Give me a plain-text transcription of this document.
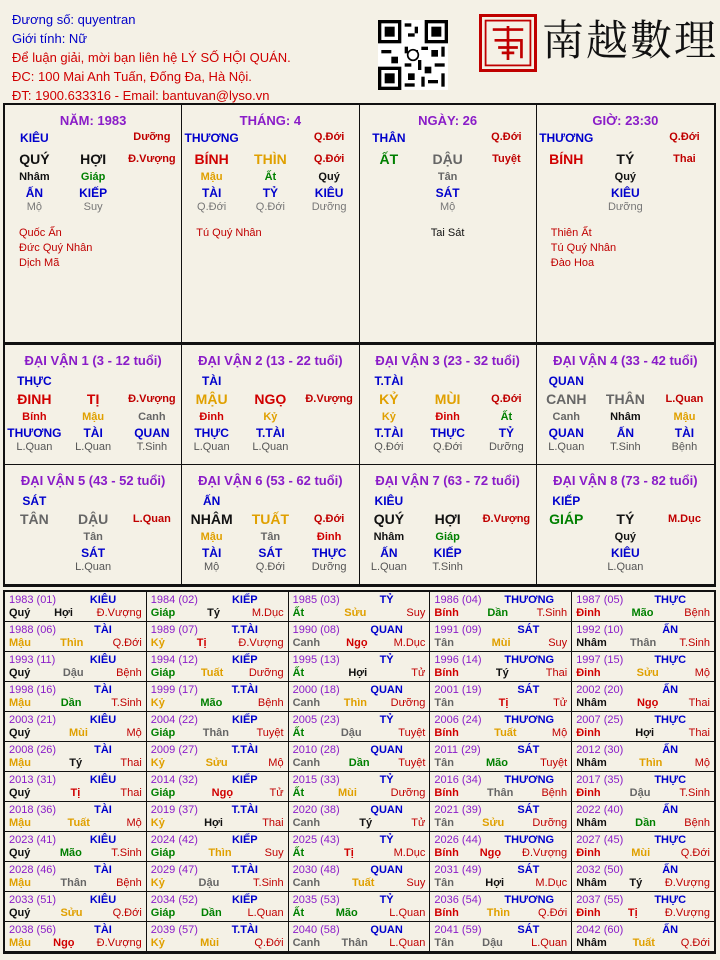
Đương số: quyentran
Giới tính: Nữ
Để luận giải, mời bạn liên hệ LÝ SỐ HỘI QUÁN.
ĐC: 100 Mai Anh Tuấn, Đống Đa, Hà Nội.
ĐT: 1900.633316 - Email: bantuvan@lyso.vn
南越數理
NĂM: 1983
KIÊU	Dưỡng
QUÝ	HỢI	Đ.Vượng
Nhâm	Giáp
ẤN	KIẾP
Mộ	Suy
Quốc Ấn
Đức Quý Nhân
Dịch Mã
THÁNG: 4
THƯƠNG	Q.Đới
BÍNH	THÌN	Q.Đới
Mậu	Ất	Quý
TÀI	TỶ	KIÊU
Q.Đới	Q.Đới	Dưỡng
Tú Quý Nhân
NGÀY: 26
THÂN	Q.Đới
ẤT	DẬU	Tuyệt
Tân
SÁT
Mộ
Tai Sát
GIỜ: 23:30
THƯƠNG	Q.Đới
BÍNH	TÝ	Thai
Quý
KIÊU
Dưỡng
Thiên Ất
Tú Quý Nhân
Đào Hoa
ĐẠI VẬN 1 (3 - 12 tuổi)
THỰC
ĐINH	TỊ	Đ.Vượng
Bính	Mậu	Canh
THƯƠNG	TÀI	QUAN
L.Quan	L.Quan	T.Sinh
ĐẠI VẬN 2 (13 - 22 tuổi)
TÀI
MẬU	NGỌ	Đ.Vượng
Đinh	Kỷ
THỰC	T.TÀI
L.Quan	L.Quan
ĐẠI VẬN 3 (23 - 32 tuổi)
T.TÀI
KỶ	MÙI	Q.Đới
Kỷ	Đinh	Ất
T.TÀI	THỰC	TỶ
Q.Đới	Q.Đới	Dưỡng
ĐẠI VẬN 4 (33 - 42 tuổi)
QUAN
CANH	THÂN	L.Quan
Canh	Nhâm	Mậu
QUAN	ẤN	TÀI
L.Quan	T.Sinh	Bệnh
ĐẠI VẬN 5 (43 - 52 tuổi)
SÁT
TÂN	DẬU	L.Quan
Tân
SÁT
L.Quan
ĐẠI VẬN 6 (53 - 62 tuổi)
ẤN
NHÂM	TUẤT	Q.Đới
Mậu	Tân	Đinh
TÀI	SÁT	THỰC
Mộ	Q.Đới	Dưỡng
ĐẠI VẬN 7 (63 - 72 tuổi)
KIÊU
QUÝ	HỢI	Đ.Vượng
Nhâm	Giáp
ẤN	KIẾP
L.Quan	T.Sinh
ĐẠI VẬN 8 (73 - 82 tuổi)
KIẾP
GIÁP	TÝ	M.Dục
Quý
KIÊU
L.Quan
1983 (01)	KIÊU
Quý Hợi Đ.Vượng
1984 (02)	KIẾP
Giáp	Tý	M.Dục
1985 (03)	TỶ
Ất	Sửu	Suy
1986 (04) THƯƠNG
Bính	Dần	T.Sinh
1987 (05)	THỰC
Đinh	Mão	Bệnh
1988 (06)	TÀI
Mậu	Thìn	Q.Đới
1989 (07)	T.TÀI
Kỷ	Tị	Đ.Vượng
1990 (08)	QUAN
Canh Ngọ M.Dục
1991 (09)	SÁT
Tân	Mùi	Suy
1992 (10)	ẤN
Nhâm Thân T.Sinh
1993 (11)	KIÊU
Quý	Dậu	Bệnh
1994 (12)	KIẾP
Giáp Tuất Dưỡng
1995 (13)	TỶ
Ất	Hợi	Tử
1996 (14) THƯƠNG
Bính	Tý	Thai
1997 (15)	THỰC
Đinh	Sửu	Mộ
1998 (16)	TÀI
Mậu	Dần	T.Sinh
1999 (17)	T.TÀI
Kỷ	Mão	Bệnh
2000 (18)	QUAN
Canh Thìn Dưỡng
2001 (19)	SÁT
Tân	Tị	Tử
2002 (20)	ẤN
Nhâm	Ngọ	Thai
2003 (21)	KIÊU
Quý	Mùi	Mộ
2004 (22)	KIẾP
Giáp Thân Tuyệt
2005 (23)	TỶ
Ất	Dậu	Tuyệt
2006 (24) THƯƠNG
Bính	Tuất	Mộ
2007 (25)	THỰC
Đinh	Hợi	Thai
2008 (26)	TÀI
Mậu	Tý	Thai
2009 (27)	T.TÀI
Kỷ	Sửu	Mộ
2010 (28)	QUAN
Canh	Dần	Tuyệt
2011 (29)	SÁT
Tân	Mão	Tuyệt
2012 (30)	ẤN
Nhâm	Thìn	Mộ
2013 (31)	KIÊU
Quý	Tị	Thai
2014 (32)	KIẾP
Giáp	Ngọ	Tử
2015 (33)	TỶ
Ất	Mùi	Dưỡng
2016 (34) THƯƠNG
Bính	Thân	Bệnh
2017 (35)	THỰC
Đinh	Dậu	T.Sinh
2018 (36)	TÀI
Mậu	Tuất	Mộ
2019 (37)	T.TÀI
Kỷ	Hợi	Thai
2020 (38)	QUAN
Canh	Tý	Tử
2021 (39)	SÁT
Tân	Sửu	Dưỡng
2022 (40)	ẤN
Nhâm	Dần	Bệnh
2023 (41)	KIÊU
Quý	Mão	T.Sinh
2024 (42)	KIẾP
Giáp	Thìn	Suy
2025 (43)	TỶ
Ất	Tị	M.Dục
2026 (44) THƯƠNG
Bính Ngọ Đ.Vượng
2027 (45)	THỰC
Đinh	Mùi	Q.Đới
2028 (46)	TÀI
Mậu	Thân	Bệnh
2029 (47)	T.TÀI
Kỷ	Dậu	T.Sinh
2030 (48)	QUAN
Canh	Tuất	Suy
2031 (49)	SÁT
Tân	Hợi	M.Dục
2032 (50)	ẤN
Nhâm Tý Đ.Vượng
2033 (51)	KIÊU
Quý	Sửu	Q.Đới
2034 (52)	KIẾP
Giáp Dần L.Quan
2035 (53)	TỶ
Ất	Mão	L.Quan
2036 (54) THƯƠNG
Bính	Thìn	Q.Đới
2037 (55)	THỰC
Đinh Tị Đ.Vượng
2038 (56)	TÀI
Mậu Ngọ Đ.Vượng
2039 (57)	T.TÀI
Kỷ	Mùi	Q.Đới
2040 (58)	QUAN
Canh Thân L.Quan
2041 (59)	SÁT
Tân	Dậu	L.Quan
2042 (60)	ẤN
Nhâm Tuất Q.Đới
